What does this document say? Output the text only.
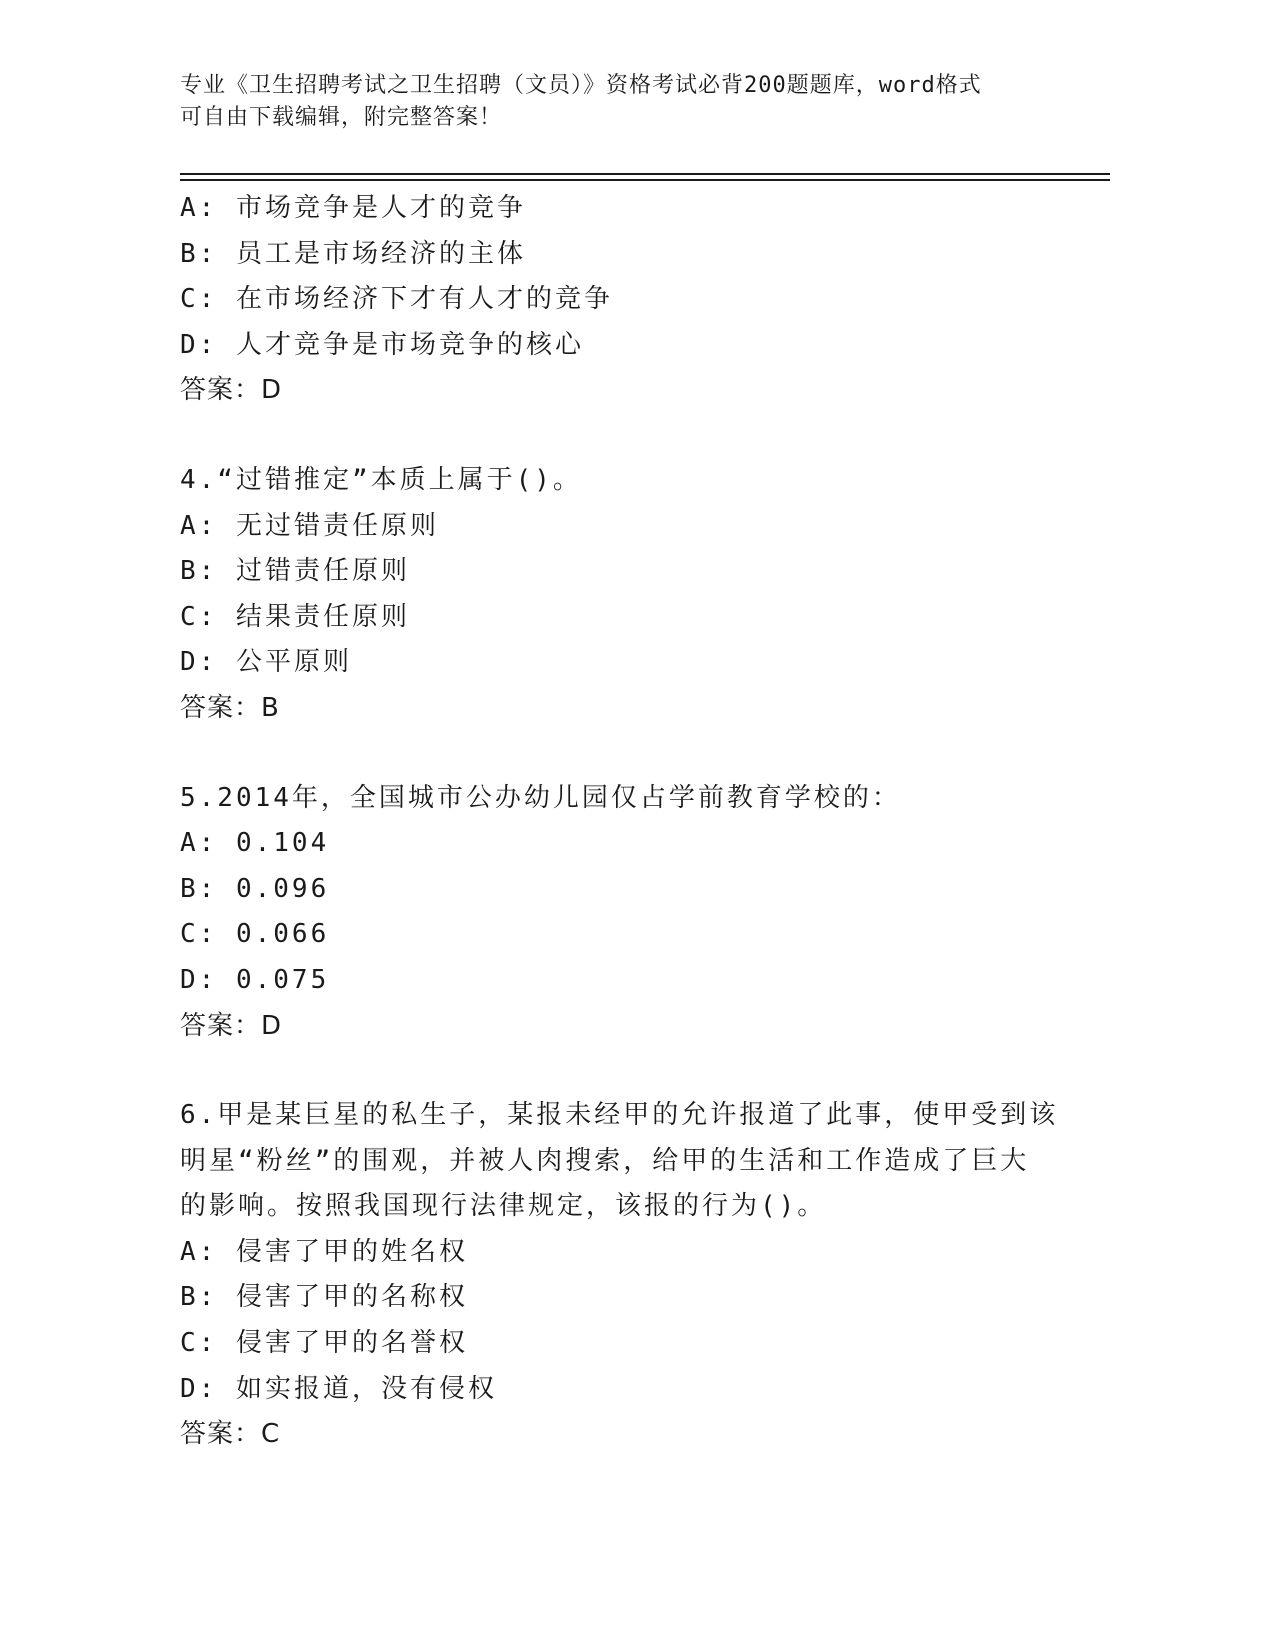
专业《卫生招聘考试之卫生招聘（文员）》资格考试必背200题题库，word格式
可自由下载编辑，附完整答案！
A: 市场竞争是人才的竞争
B: 员工是市场经济的主体
C: 在市场经济下才有人才的竞争
D: 人才竞争是市场竞争的核心
答案：D
4.“过错推定”本质上属于()。
A: 无过错责任原则
B: 过错责任原则
C: 结果责任原则
D: 公平原则
答案：B
5.2014年，全国城市公办幼儿园仅占学前教育学校的：
A: 0.104
B: 0.096
C: 0.066
D: 0.075
答案：D
6.甲是某巨星的私生子，某报未经甲的允许报道了此事，使甲受到该
明星“粉丝”的围观，并被人肉搜索，给甲的生活和工作造成了巨大
的影响。按照我国现行法律规定，该报的行为()。
A: 侵害了甲的姓名权
B: 侵害了甲的名称权
C: 侵害了甲的名誉权
D: 如实报道，没有侵权
答案：C
